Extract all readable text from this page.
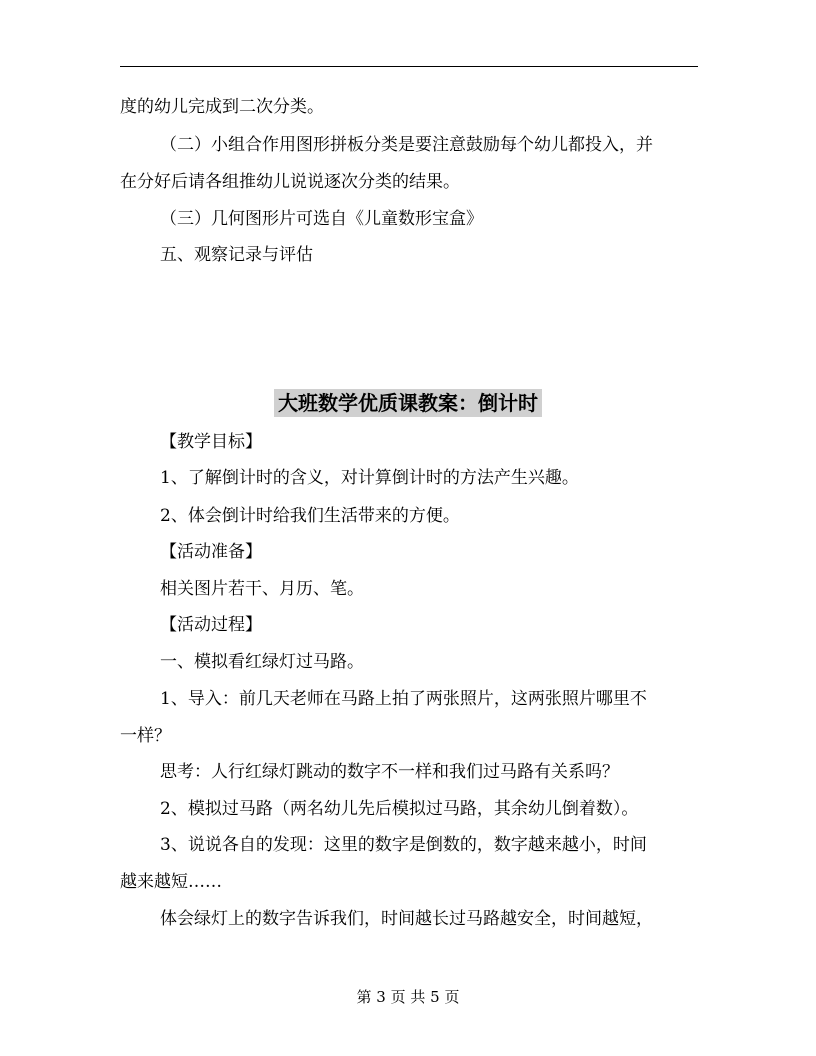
度的幼儿完成到二次分类。
（二）小组合作用图形拼板分类是要注意鼓励每个幼儿都投入，并
在分好后请各组推幼儿说说逐次分类的结果。
（三）几何图形片可选自《儿童数形宝盒》
五、观察记录与评估
大班数学优质课教案：倒计时
【教学目标】
1、了解倒计时的含义，对计算倒计时的方法产生兴趣。
2、体会倒计时给我们生活带来的方便。
【活动准备】
相关图片若干、月历、笔。
【活动过程】
一、模拟看红绿灯过马路。
1、导入：前几天老师在马路上拍了两张照片，这两张照片哪里不
一样？
思考：人行红绿灯跳动的数字不一样和我们过马路有关系吗？
2、模拟过马路（两名幼儿先后模拟过马路，其余幼儿倒着数）。
3、说说各自的发现：这里的数字是倒数的，数字越来越小，时间
越来越短……
体会绿灯上的数字告诉我们，时间越长过马路越安全，时间越短，
第 3 页 共 5 页
